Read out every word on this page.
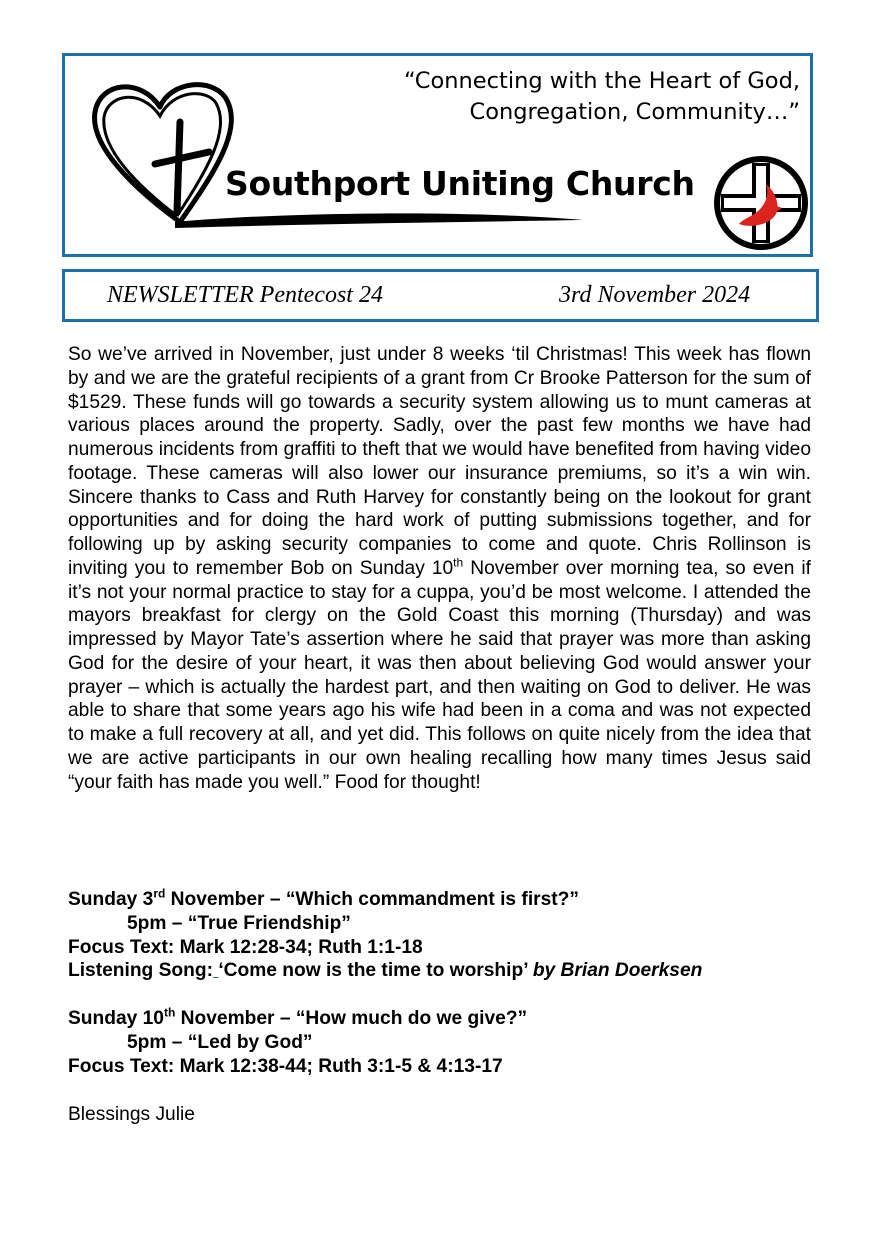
“Connecting with the Heart of God,
Congregation, Community…”
Southport Uniting Church
NEWSLETTER Pentecost 24	3rd November 2024

So we’ve arrived in November, just under 8 weeks ‘til Christmas! This week has flown by and we are the grateful recipients of a grant from Cr Brooke Patterson for the sum of $1529. These funds will go towards a security system allowing us to munt cameras at various places around the property. Sadly, over the past few months we have had numerous incidents from graffiti to theft that we would have benefited from having video footage. These cameras will also lower our insurance premiums, so it’s a win win. Sincere thanks to Cass and Ruth Harvey for constantly being on the lookout for grant opportunities and for doing the hard work of putting submissions together, and for following up by asking security companies to come and quote. Chris Rollinson is inviting you to remember Bob on Sunday 10th November over morning tea, so even if it’s not your normal practice to stay for a cuppa, you’d be most welcome. I attended the mayors breakfast for clergy on the Gold Coast this morning (Thursday) and was impressed by Mayor Tate’s assertion where he said that prayer was more than asking God for the desire of your heart, it was then about believing God would answer your prayer – which is actually the hardest part, and then waiting on God to deliver. He was able to share that some years ago his wife had been in a coma and was not expected to make a full recovery at all, and yet did. This follows on quite nicely from the idea that we are active participants in our own healing recalling how many times Jesus said “your faith has made you well.” Food for thought!

Sunday 3rd November – “Which commandment is first?”
5pm – “True Friendship”
Focus Text: Mark 12:28-34; Ruth 1:1-18
Listening Song: ‘Come now is the time to worship’ by Brian Doerksen
Sunday 10th November – “How much do we give?”
5pm – “Led by God”
Focus Text: Mark 12:38-44; Ruth 3:1-5 & 4:13-17
Blessings Julie
